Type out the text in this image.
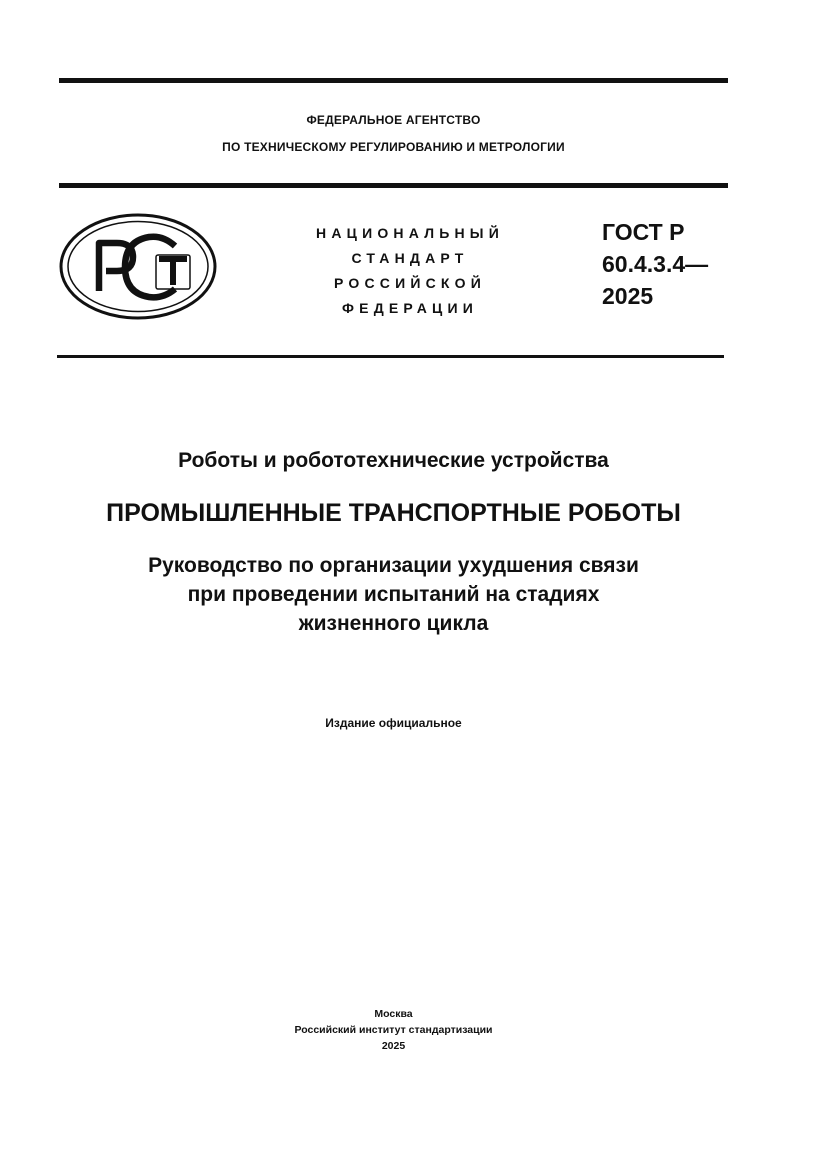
ФЕДЕРАЛЬНОЕ АГЕНТСТВО
ПО ТЕХНИЧЕСКОМУ РЕГУЛИРОВАНИЮ И МЕТРОЛОГИИ
НАЦИОНАЛЬНЫЙ
СТАНДАРТ
РОССИЙСКОЙ
ФЕДЕРАЦИИ
ГОСТ Р
60.4.3.4—
2025
Роботы и робототехнические устройства
ПРОМЫШЛЕННЫЕ ТРАНСПОРТНЫЕ РОБОТЫ
Руководство по организации ухудшения связи
при проведении испытаний на стадиях
жизненного цикла
Издание официальное
Москва
Российский институт стандартизации
2025
